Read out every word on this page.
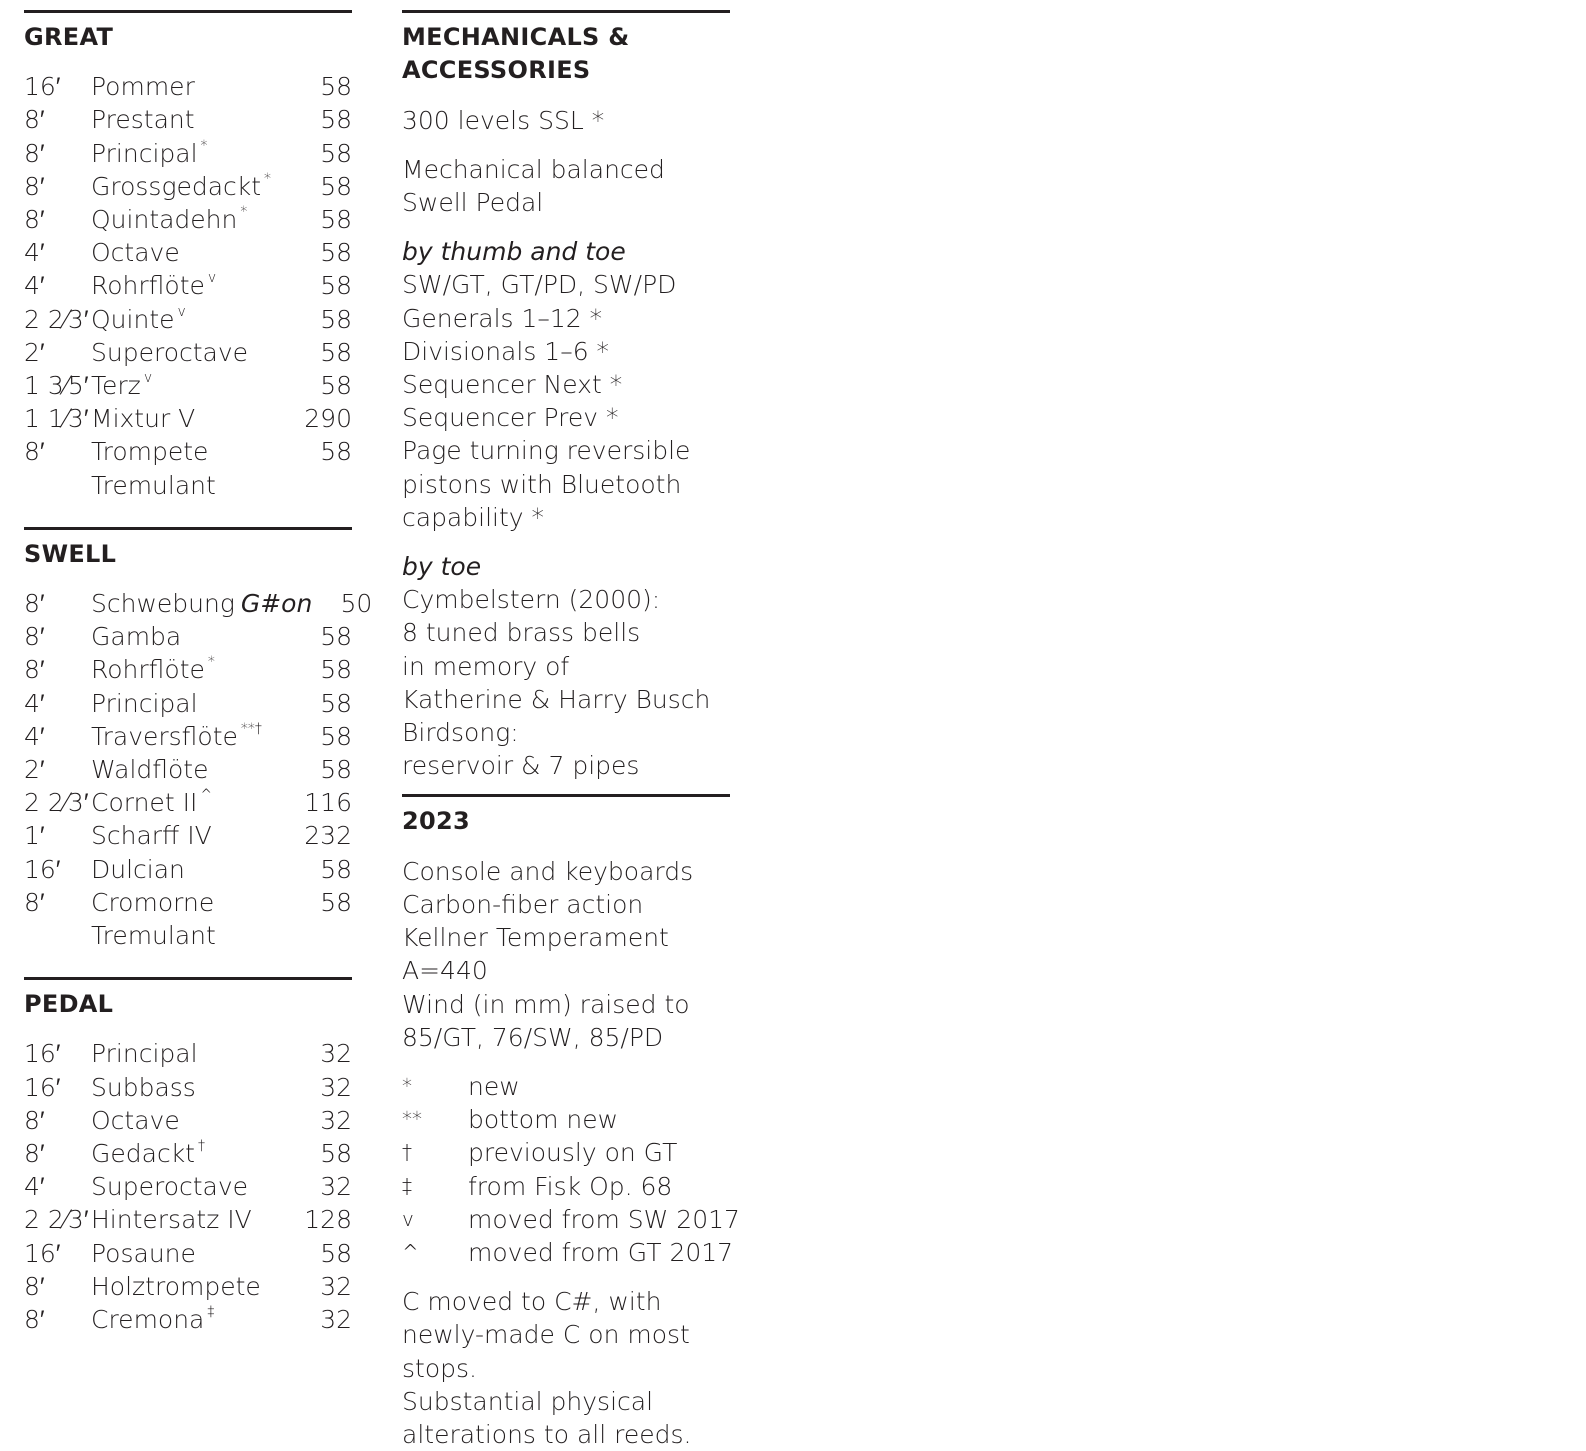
GREAT
16′	Pommer	58
8′	Prestant	58
8′	Principal *	58
8′	Grossgedackt *	58
8′	Quintadehn *	58
4′	Octave	58
4′	Rohrflöte $^v$	58
2 2⁄3′ Quinte $^v$	58
2′	Superoctave	58
1 3⁄5′ Terz $^v$	58
1 1⁄3′ Mixtur V	290
8′	Trompete	58
Tremulant
SWELL
8′	Schwebung G#on	50
8′	Gamba	58
8′	Rohrflöte *	58
4′	Principal	58
4′	Traversflöte **†	58
2′	Waldflöte	58
2 2⁄3′ Cornet II ^	116
1′	Scharff IV	232
16′	Dulcian	58
8′	Cromorne	58
Tremulant
PEDAL
16′	Principal	32
16′	Subbass	32
8′	Octave	32
8′	Gedackt †	58
4′	Superoctave	32
2 2⁄3′ Hintersatz IV	128
16′	Posaune	58
8′	Holztrompete	32
8′	Cremona ‡	32
MECHANICALS &
ACCESSORIES

300 levels SSL *

Mechanical balanced
Swell Pedal

by thumb and toe
SW/GT, GT/PD, SW/PD
Generals 1–12 *
Divisionals 1–6 *
Sequencer Next *
Sequencer Prev *
Page turning reversible
pistons with Bluetooth
capability *

by toe
Cymbelstern (2000):
8 tuned brass bells
in memory of
Katherine & Harry Busch
Birdsong:
reservoir & 7 pipes

2023

Console and keyboards
Carbon-fiber action
Kellner Temperament A=440
Wind (in mm) raised to
85/GT, 76/SW, 85/PD

*	new
**	bottom new
†	previously on GT
‡	from Fisk Op. 68
v	moved from SW 2017
^	moved from GT 2017

C moved to C#, with
newly-made C on most stops.
Substantial physical
alterations to all reeds.
